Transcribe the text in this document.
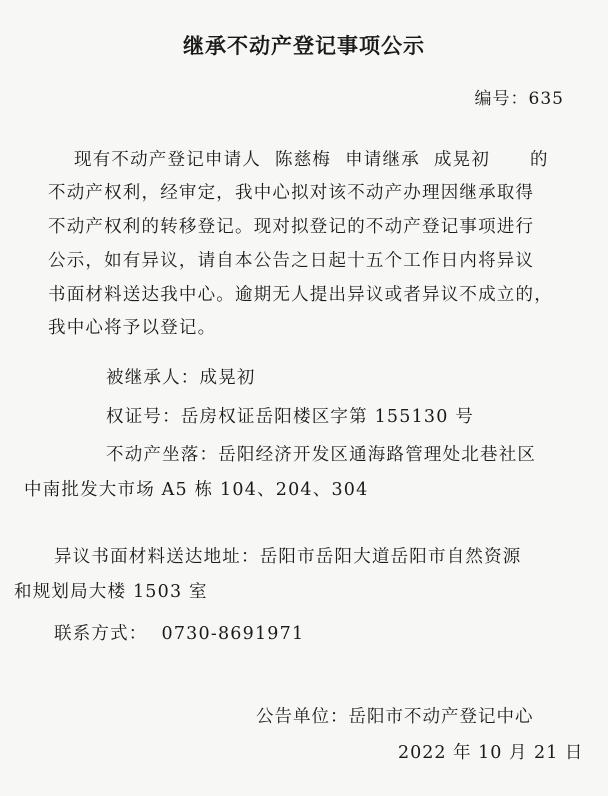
继承不动产登记事项公示
编号：635
现有不动产登记申请人 陈慈梅 申请继承 成晃初 的
不动产权利，经审定，我中心拟对该不动产办理因继承取得
不动产权利的转移登记。现对拟登记的不动产登记事项进行
公示，如有异议，请自本公告之日起十五个工作日内将异议
书面材料送达我中心。逾期无人提出异议或者异议不成立的，
我中心将予以登记。
被继承人：成晃初
权证号：岳房权证岳阳楼区字第 155130 号
不动产坐落：岳阳经济开发区通海路管理处北巷社区
中南批发大市场 A5 栋 104、204、304
异议书面材料送达地址：岳阳市岳阳大道岳阳市自然资源
和规划局大楼 1503 室
联系方式： 0730-8691971
公告单位：岳阳市不动产登记中心
2022 年 10 月 21 日
